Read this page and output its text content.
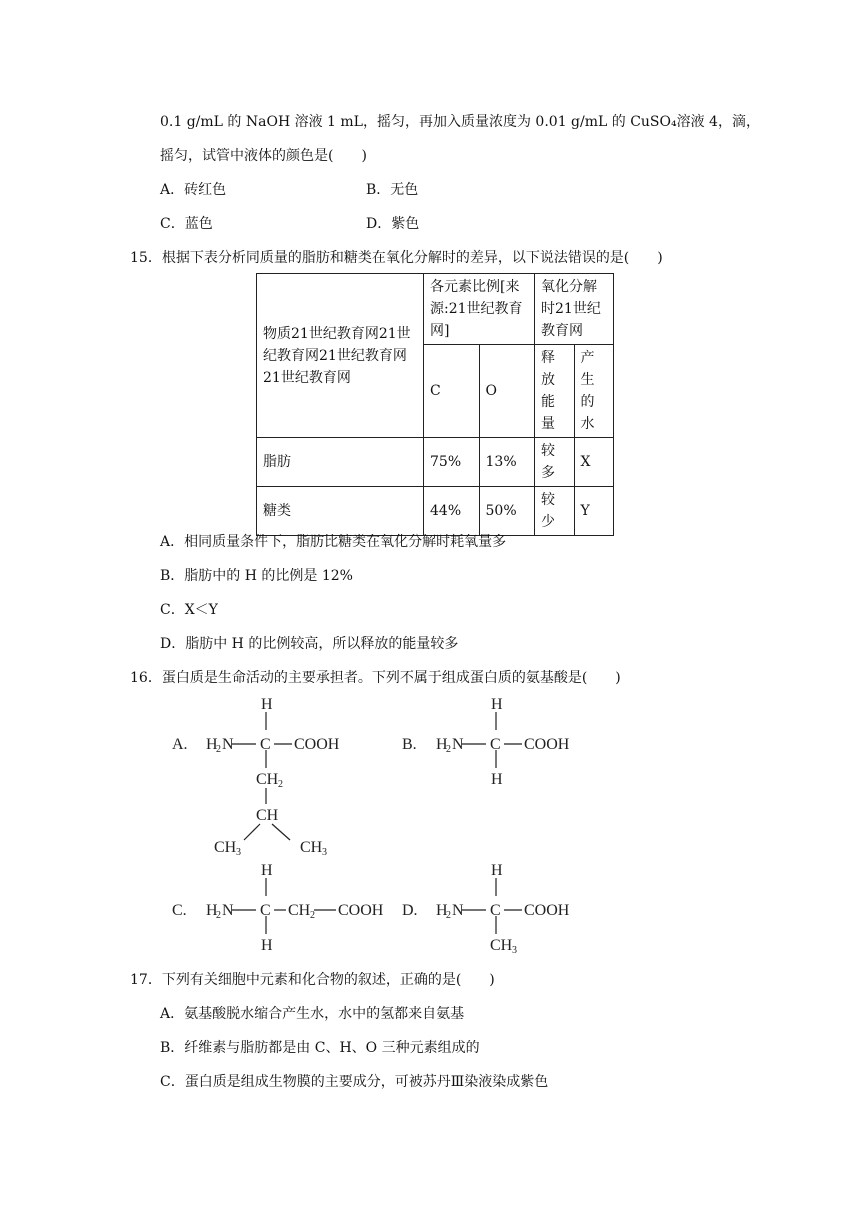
0.1 g/mL 的 NaOH 溶液 1 mL，摇匀，再加入质量浓度为 0.01 g/mL 的 CuSO₄溶液 4，滴，
摇匀，试管中液体的颜色是(　　)
A．砖红色	B．无色
C．蓝色	D．紫色
15．根据下表分析同质量的脂肪和糖类在氧化分解时的差异，以下说法错误的是(　　)
物质21世纪教育网21世纪教育网21世纪教育网21世纪教育网	各元素比例[来源:21世纪教育网]		氧化分解时21世纪教育网	
	C	O	释放能量	产生的水
脂肪	75%	13%	较多	X
糖类	44%	50%	较少	Y
A．相同质量条件下，脂肪比糖类在氧化分解时耗氧量多
B．脂肪中的 H 的比例是 12%
C．X＜Y
D．脂肪中 H 的比例较高，所以释放的能量较多
16．蛋白质是生命活动的主要承担者。下列不属于组成蛋白质的氨基酸是(　　)
A.
H
H
2 N C COOH
CH 2
CH
CH 3	CH 3
B.
H
H
2 N C COOH
H
C.
H
H
2 N C CH 2 COOH
H
D.
H
H
2 N C COOH
CH 3
17．下列有关细胞中元素和化合物的叙述，正确的是(　　)
A．氨基酸脱水缩合产生水，水中的氢都来自氨基
B．纤维素与脂肪都是由 C、H、O 三种元素组成的
C．蛋白质是组成生物膜的主要成分，可被苏丹Ⅲ染液染成紫色
